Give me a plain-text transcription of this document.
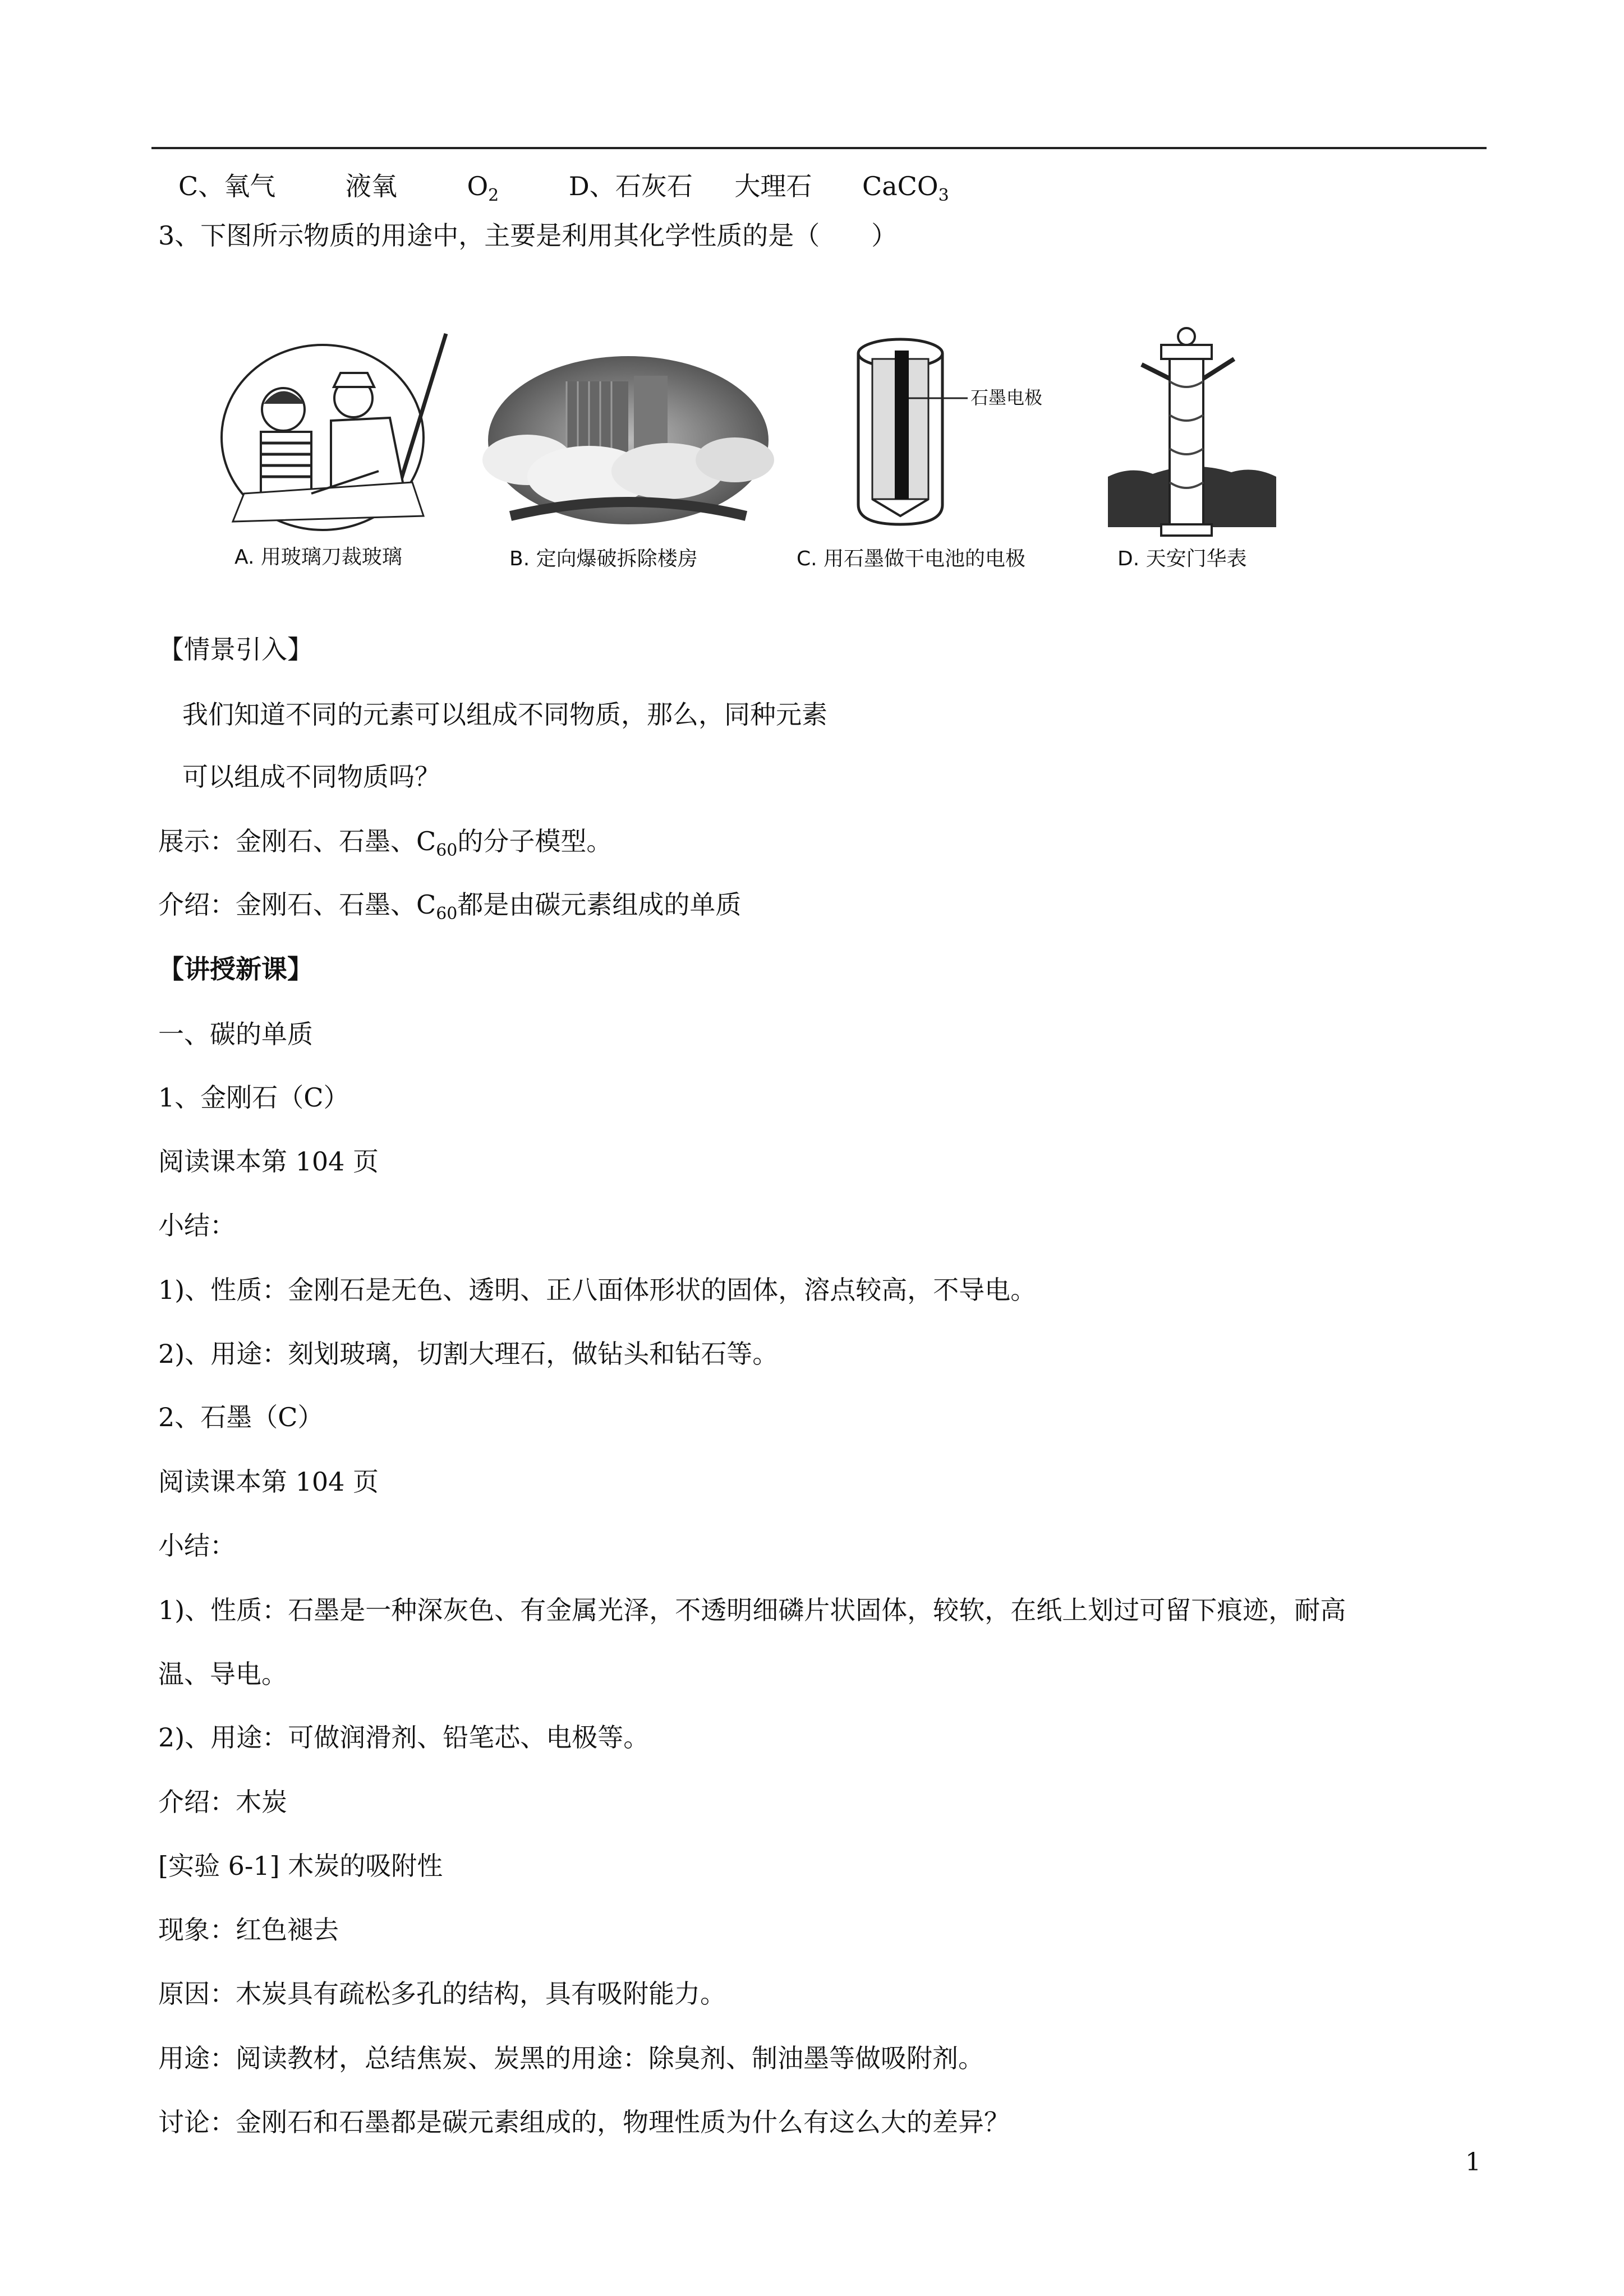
C、氧气	液氧	$O_2$	D、石灰石 大理石 CaCO$_3$
3、下图所示物质的用途中，主要是利用其化学性质的是（　　）
石墨电极
A. 用玻璃刀裁玻璃	B. 定向爆破拆除楼房	C. 用石墨做干电池的电极	D. 天安门华表
【情景引入】
我们知道不同的元素可以组成不同物质，那么，同种元素
可以组成不同物质吗？
展示：金刚石、石墨、$C_{60}$的分子模型。
介绍：金刚石、石墨、$C_{60}$都是由碳元素组成的单质
【讲授新课】
一、碳的单质
1、金刚石（C）
阅读课本第 104 页
小结：
1)、性质：金刚石是无色、透明、正八面体形状的固体，溶点较高，不导电。
2)、用途：刻划玻璃，切割大理石，做钻头和钻石等。
2、石墨（C）
阅读课本第 104 页
小结：
1)、性质：石墨是一种深灰色、有金属光泽，不透明细磷片状固体，较软，在纸上划过可留下痕迹，耐高
温、导电。
2)、用途：可做润滑剂、铅笔芯、电极等。
介绍：木炭
[实验 6-1] 木炭的吸附性
现象：红色褪去
原因：木炭具有疏松多孔的结构，具有吸附能力。
用途：阅读教材，总结焦炭、炭黑的用途：除臭剂、制油墨等做吸附剂。
讨论：金刚石和石墨都是碳元素组成的，物理性质为什么有这么大的差异？
1
